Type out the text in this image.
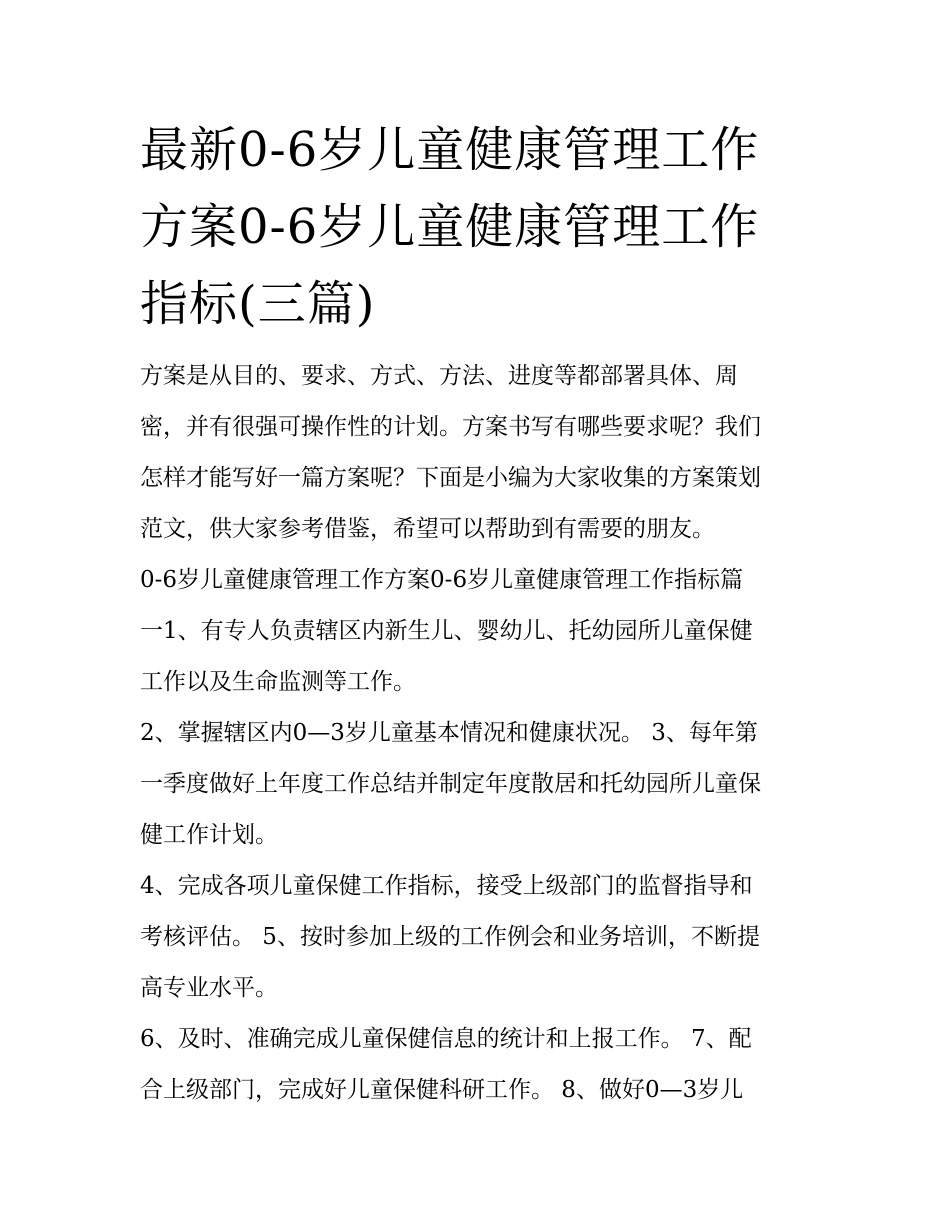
最新0-6岁儿童健康管理工作
方案0-6岁儿童健康管理工作
指标(三篇)

方案是从目的、要求、方式、方法、进度等都部署具体、周
密，并有很强可操作性的计划。方案书写有哪些要求呢？我们
怎样才能写好一篇方案呢？下面是小编为大家收集的方案策划
范文，供大家参考借鉴，希望可以帮助到有需要的朋友。

0-6岁儿童健康管理工作方案0-6岁儿童健康管理工作指标篇
一1、有专人负责辖区内新生儿、婴幼儿、托幼园所儿童保健
工作以及生命监测等工作。

2、掌握辖区内0—3岁儿童基本情况和健康状况。 3、每年第
一季度做好上年度工作总结并制定年度散居和托幼园所儿童保
健工作计划。

4、完成各项儿童保健工作指标，接受上级部门的监督指导和
考核评估。 5、按时参加上级的工作例会和业务培训，不断提
高专业水平。

6、及时、准确完成儿童保健信息的统计和上报工作。 7、配
合上级部门，完成好儿童保健科研工作。 8、做好0—3岁儿
